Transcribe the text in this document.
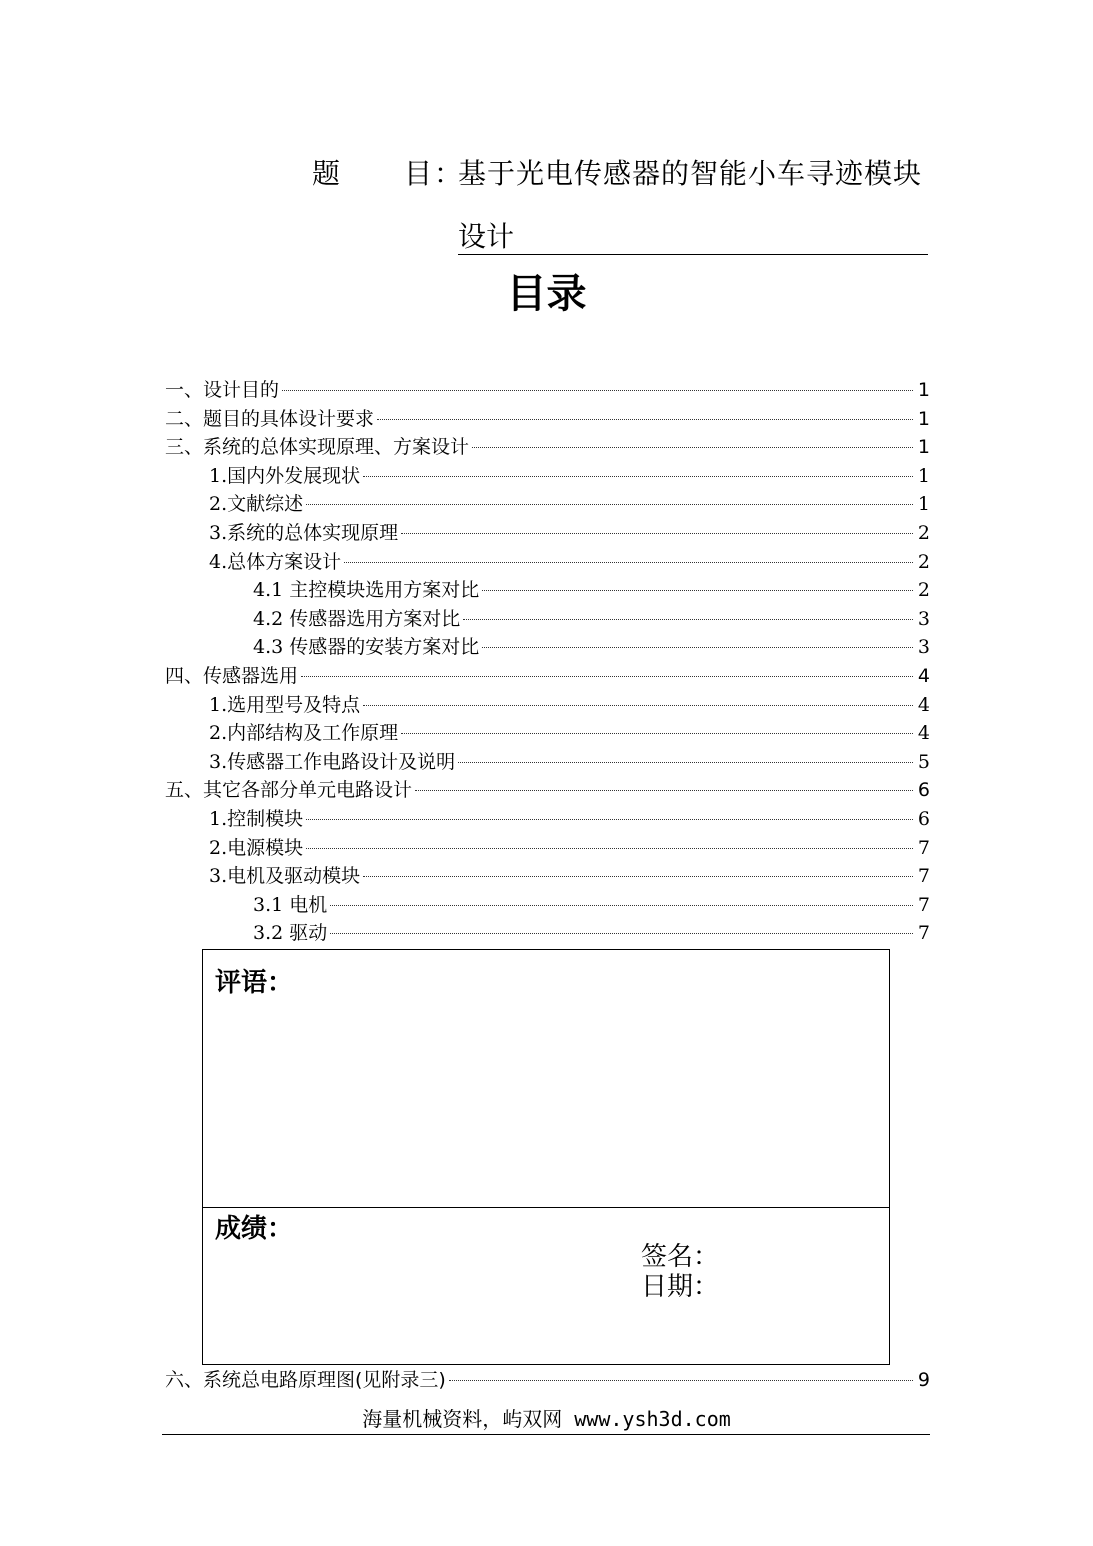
题 目：
基于光电传感器的智能小车寻迹模块
设计
目录
一、设计目的	1
二、题目的具体设计要求	1
三、系统的总体实现原理、方案设计	1
1.国内外发展现状	1
2.文献综述	1
3.系统的总体实现原理	2
4.总体方案设计	2
4.1 主控模块选用方案对比	2
4.2 传感器选用方案对比	3
4.3 传感器的安装方案对比	3
四、传感器选用	4
1.选用型号及特点	4
2.内部结构及工作原理	4
3.传感器工作电路设计及说明	5
五、其它各部分单元电路设计	6
1.控制模块	6
2.电源模块	7
3.电机及驱动模块	7
3.1 电机	7
3.2 驱动	7
评语：
成绩：
签名：
日期：
六、系统总电路原理图(见附录三)	9
海量机械资料，屿双网 www.ysh3d.com
